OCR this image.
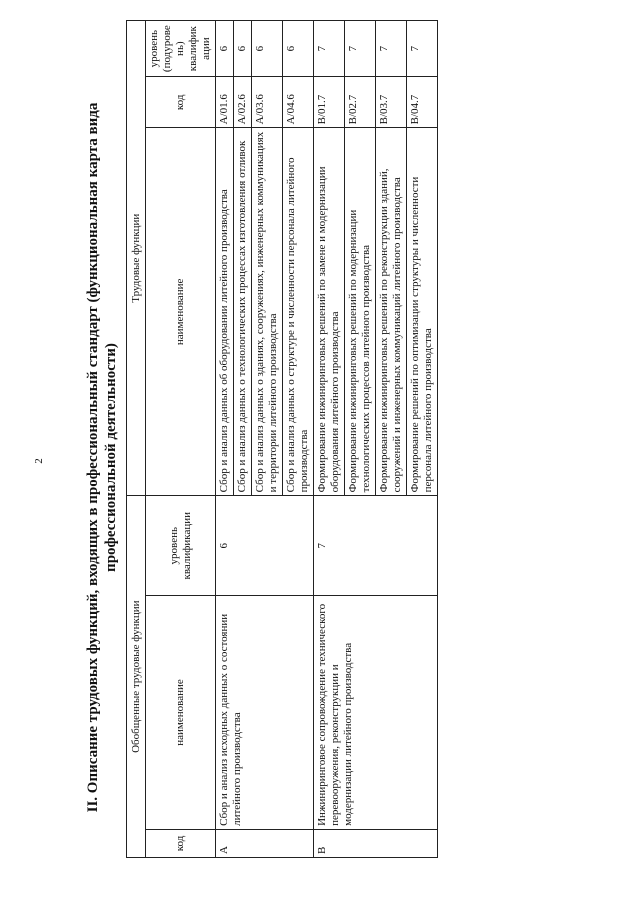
2	II. Описание трудовых функций, входящих в профессиональный стандарт (функциональная карта вида профессиональной деятельности)
Обобщенные трудовые функции			Трудовые функции		
код	наименование	уровень квалификации	наименование	код	уровень (подуровень) квалификации
А	Сбор и анализ исходных данных о состоянии литейного производства	6	Сбор и анализ данных об оборудовании литейного производства	A/01.6	6
			Сбор и анализ данных о технологических процессах изготовления отливок	A/02.6	6
			Сбор и анализ данных о зданиях, сооружениях, инженерных коммуникациях и территории литейного производства	A/03.6	6
			Сбор и анализ данных о структуре и численности персонала литейного производства	A/04.6	6
В	Инжиниринговое сопровождение технического перевооружения, реконструкции и модернизации литейного производства	7	Формирование инжиниринговых решений по замене и модернизации оборудования литейного производства	B/01.7	7
			Формирование инжиниринговых решений по модернизации технологических процессов литейного производства	B/02.7	7
			Формирование инжиниринговых решений по реконструкции зданий, сооружений и инженерных коммуникаций литейного производства	B/03.7	7
			Формирование решений по оптимизации структуры и численности персонала литейного производства	B/04.7	7
